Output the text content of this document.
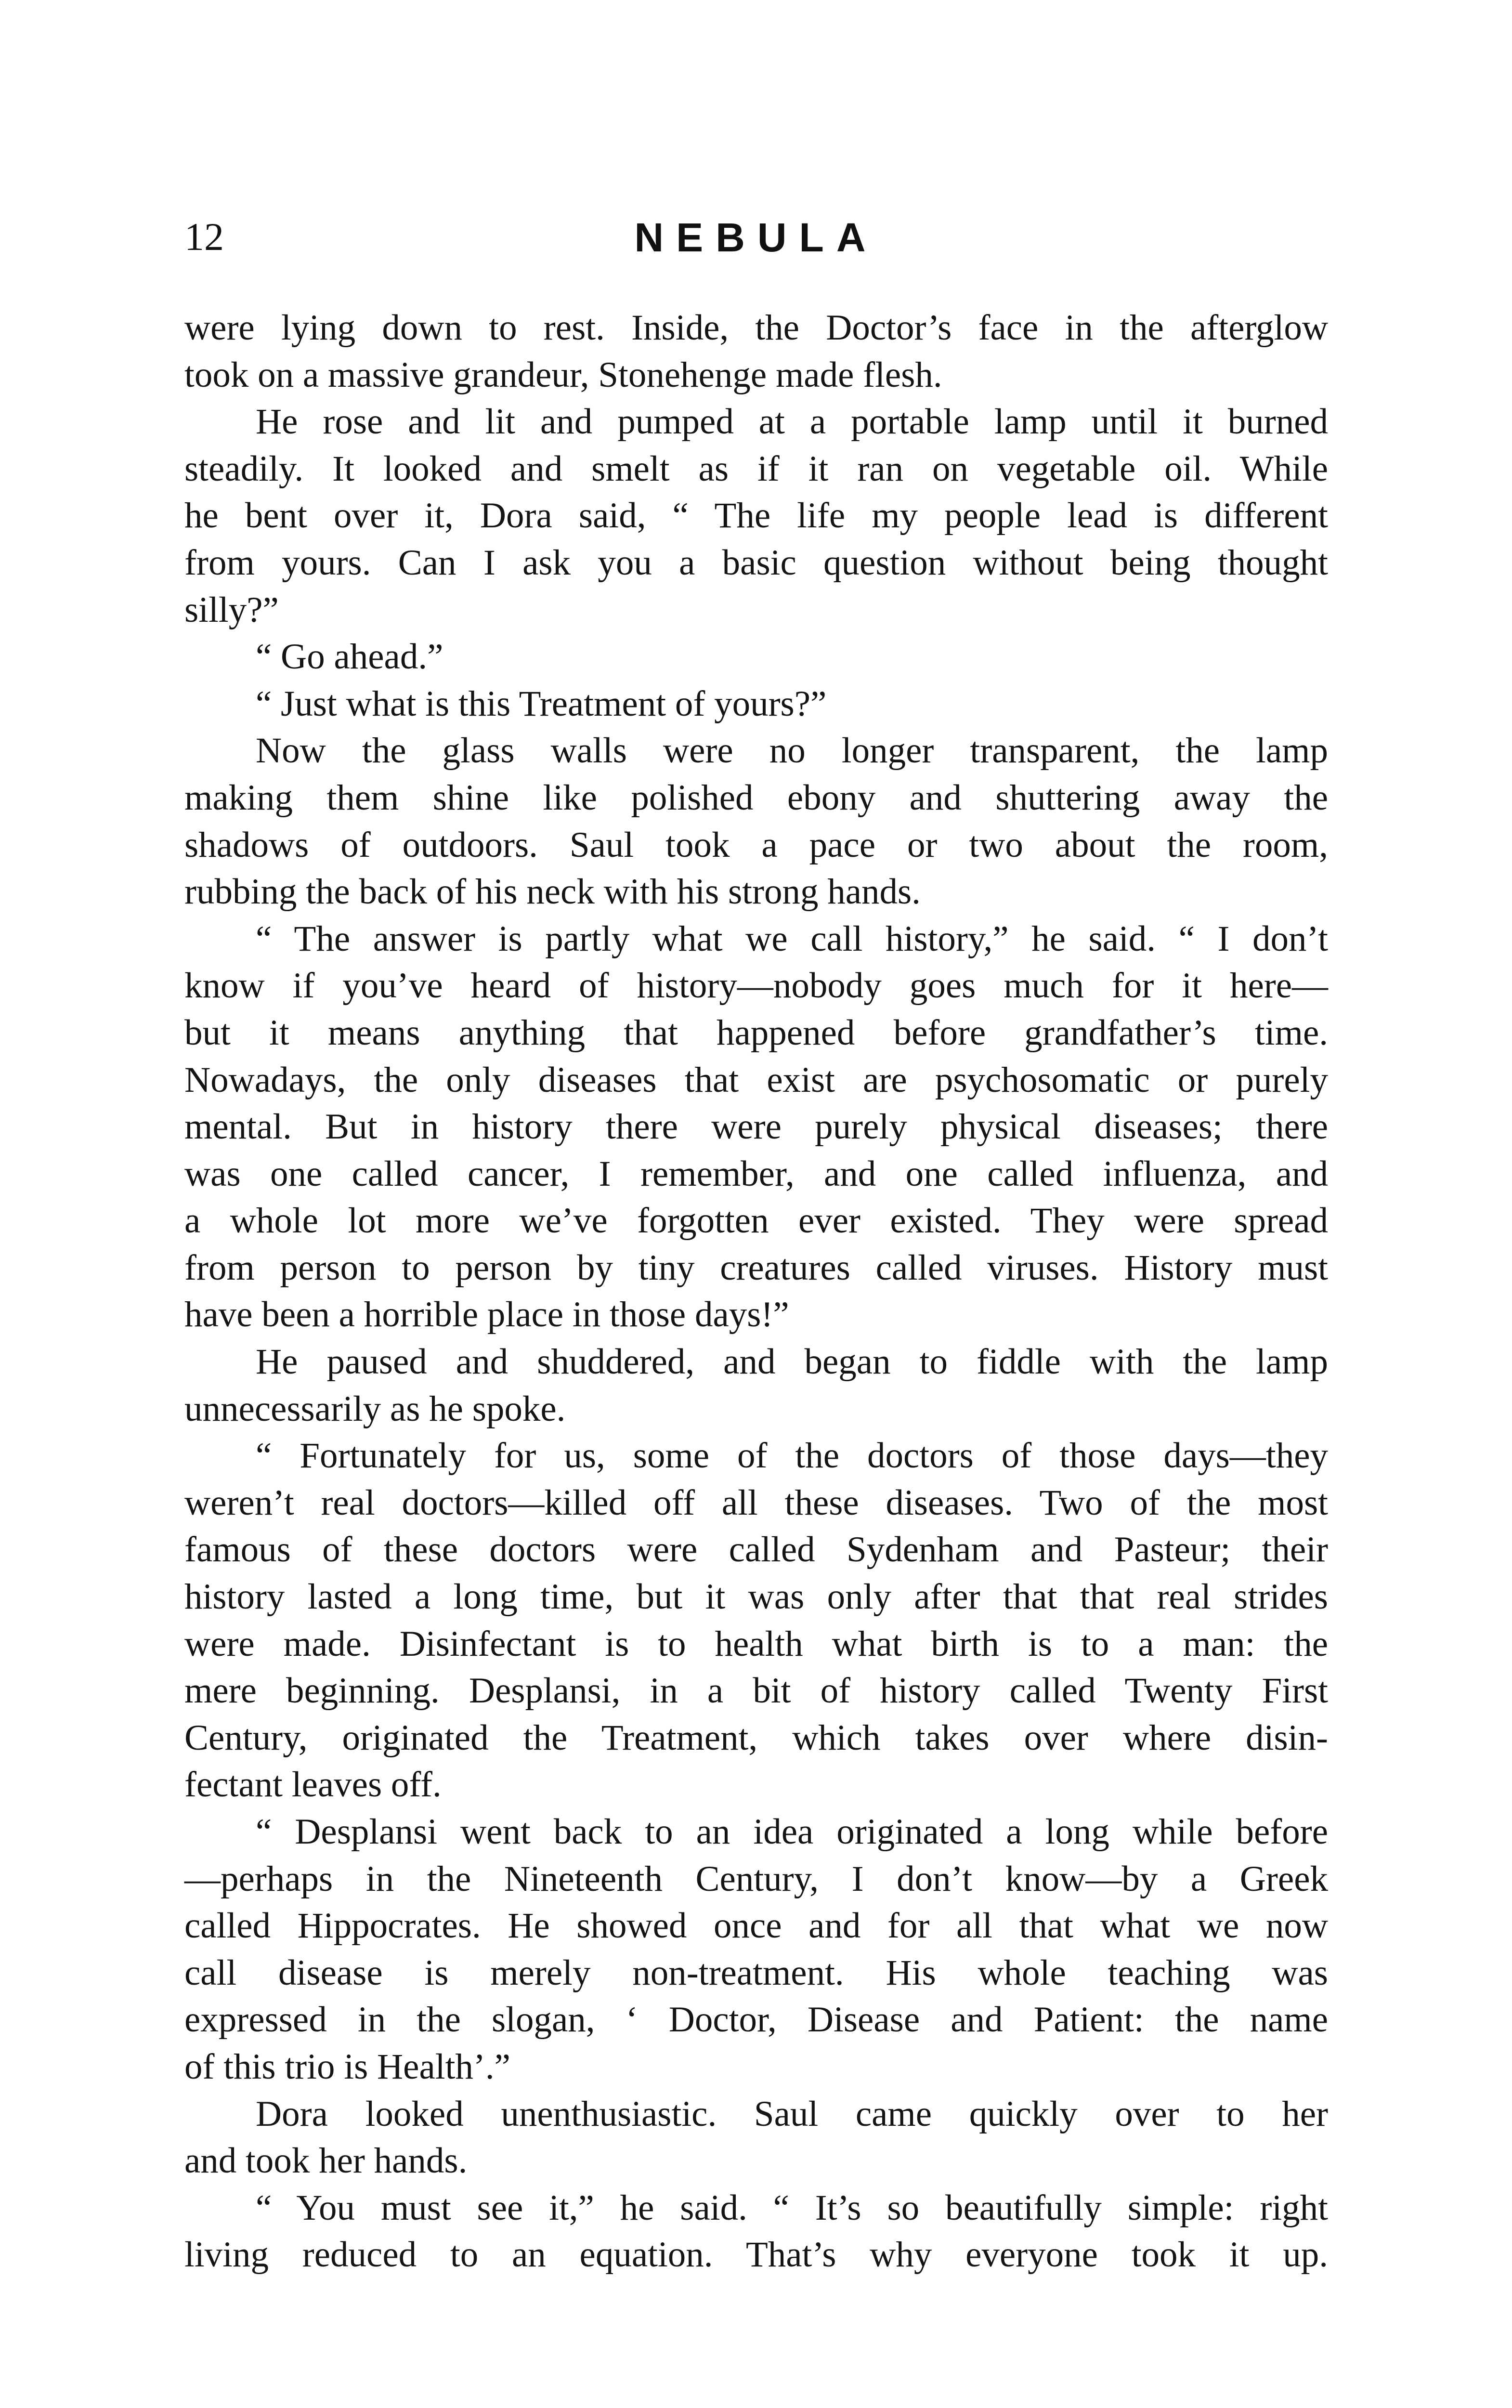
12	NEBULA
were lying down to rest. Inside, the Doctor’s face in the afterglow
took on a massive grandeur, Stonehenge made flesh.
He rose and lit and pumped at a portable lamp until it burned
steadily. It looked and smelt as if it ran on vegetable oil. While
he bent over it, Dora said, “ The life my people lead is different
from yours. Can I ask you a basic question without being thought
silly?”
“ Go ahead.”
“ Just what is this Treatment of yours?”
Now the glass walls were no longer transparent, the lamp
making them shine like polished ebony and shuttering away the
shadows of outdoors. Saul took a pace or two about the room,
rubbing the back of his neck with his strong hands.
“ The answer is partly what we call history,” he said. “ I don’t
know if you’ve heard of history—nobody goes much for it here—
but it means anything that happened before grandfather’s time.
Nowadays, the only diseases that exist are psychosomatic or purely
mental. But in history there were purely physical diseases; there
was one called cancer, I remember, and one called influenza, and
a whole lot more we’ve forgotten ever existed. They were spread
from person to person by tiny creatures called viruses. History must
have been a horrible place in those days!”
He paused and shuddered, and began to fiddle with the lamp
unnecessarily as he spoke.
“ Fortunately for us, some of the doctors of those days—they
weren’t real doctors—killed off all these diseases. Two of the most
famous of these doctors were called Sydenham and Pasteur; their
history lasted a long time, but it was only after that that real strides
were made. Disinfectant is to health what birth is to a man: the
mere beginning. Desplansi, in a bit of history called Twenty First
Century, originated the Treatment, which takes over where disin-
fectant leaves off.
“ Desplansi went back to an idea originated a long while before
—perhaps in the Nineteenth Century, I don’t know—by a Greek
called Hippocrates. He showed once and for all that what we now
call disease is merely non-treatment. His whole teaching was
expressed in the slogan, ‘ Doctor, Disease and Patient: the name
of this trio is Health’.”
Dora looked unenthusiastic. Saul came quickly over to her
and took her hands.
“ You must see it,” he said. “ It’s so beautifully simple: right
living reduced to an equation. That’s why everyone took it up.
